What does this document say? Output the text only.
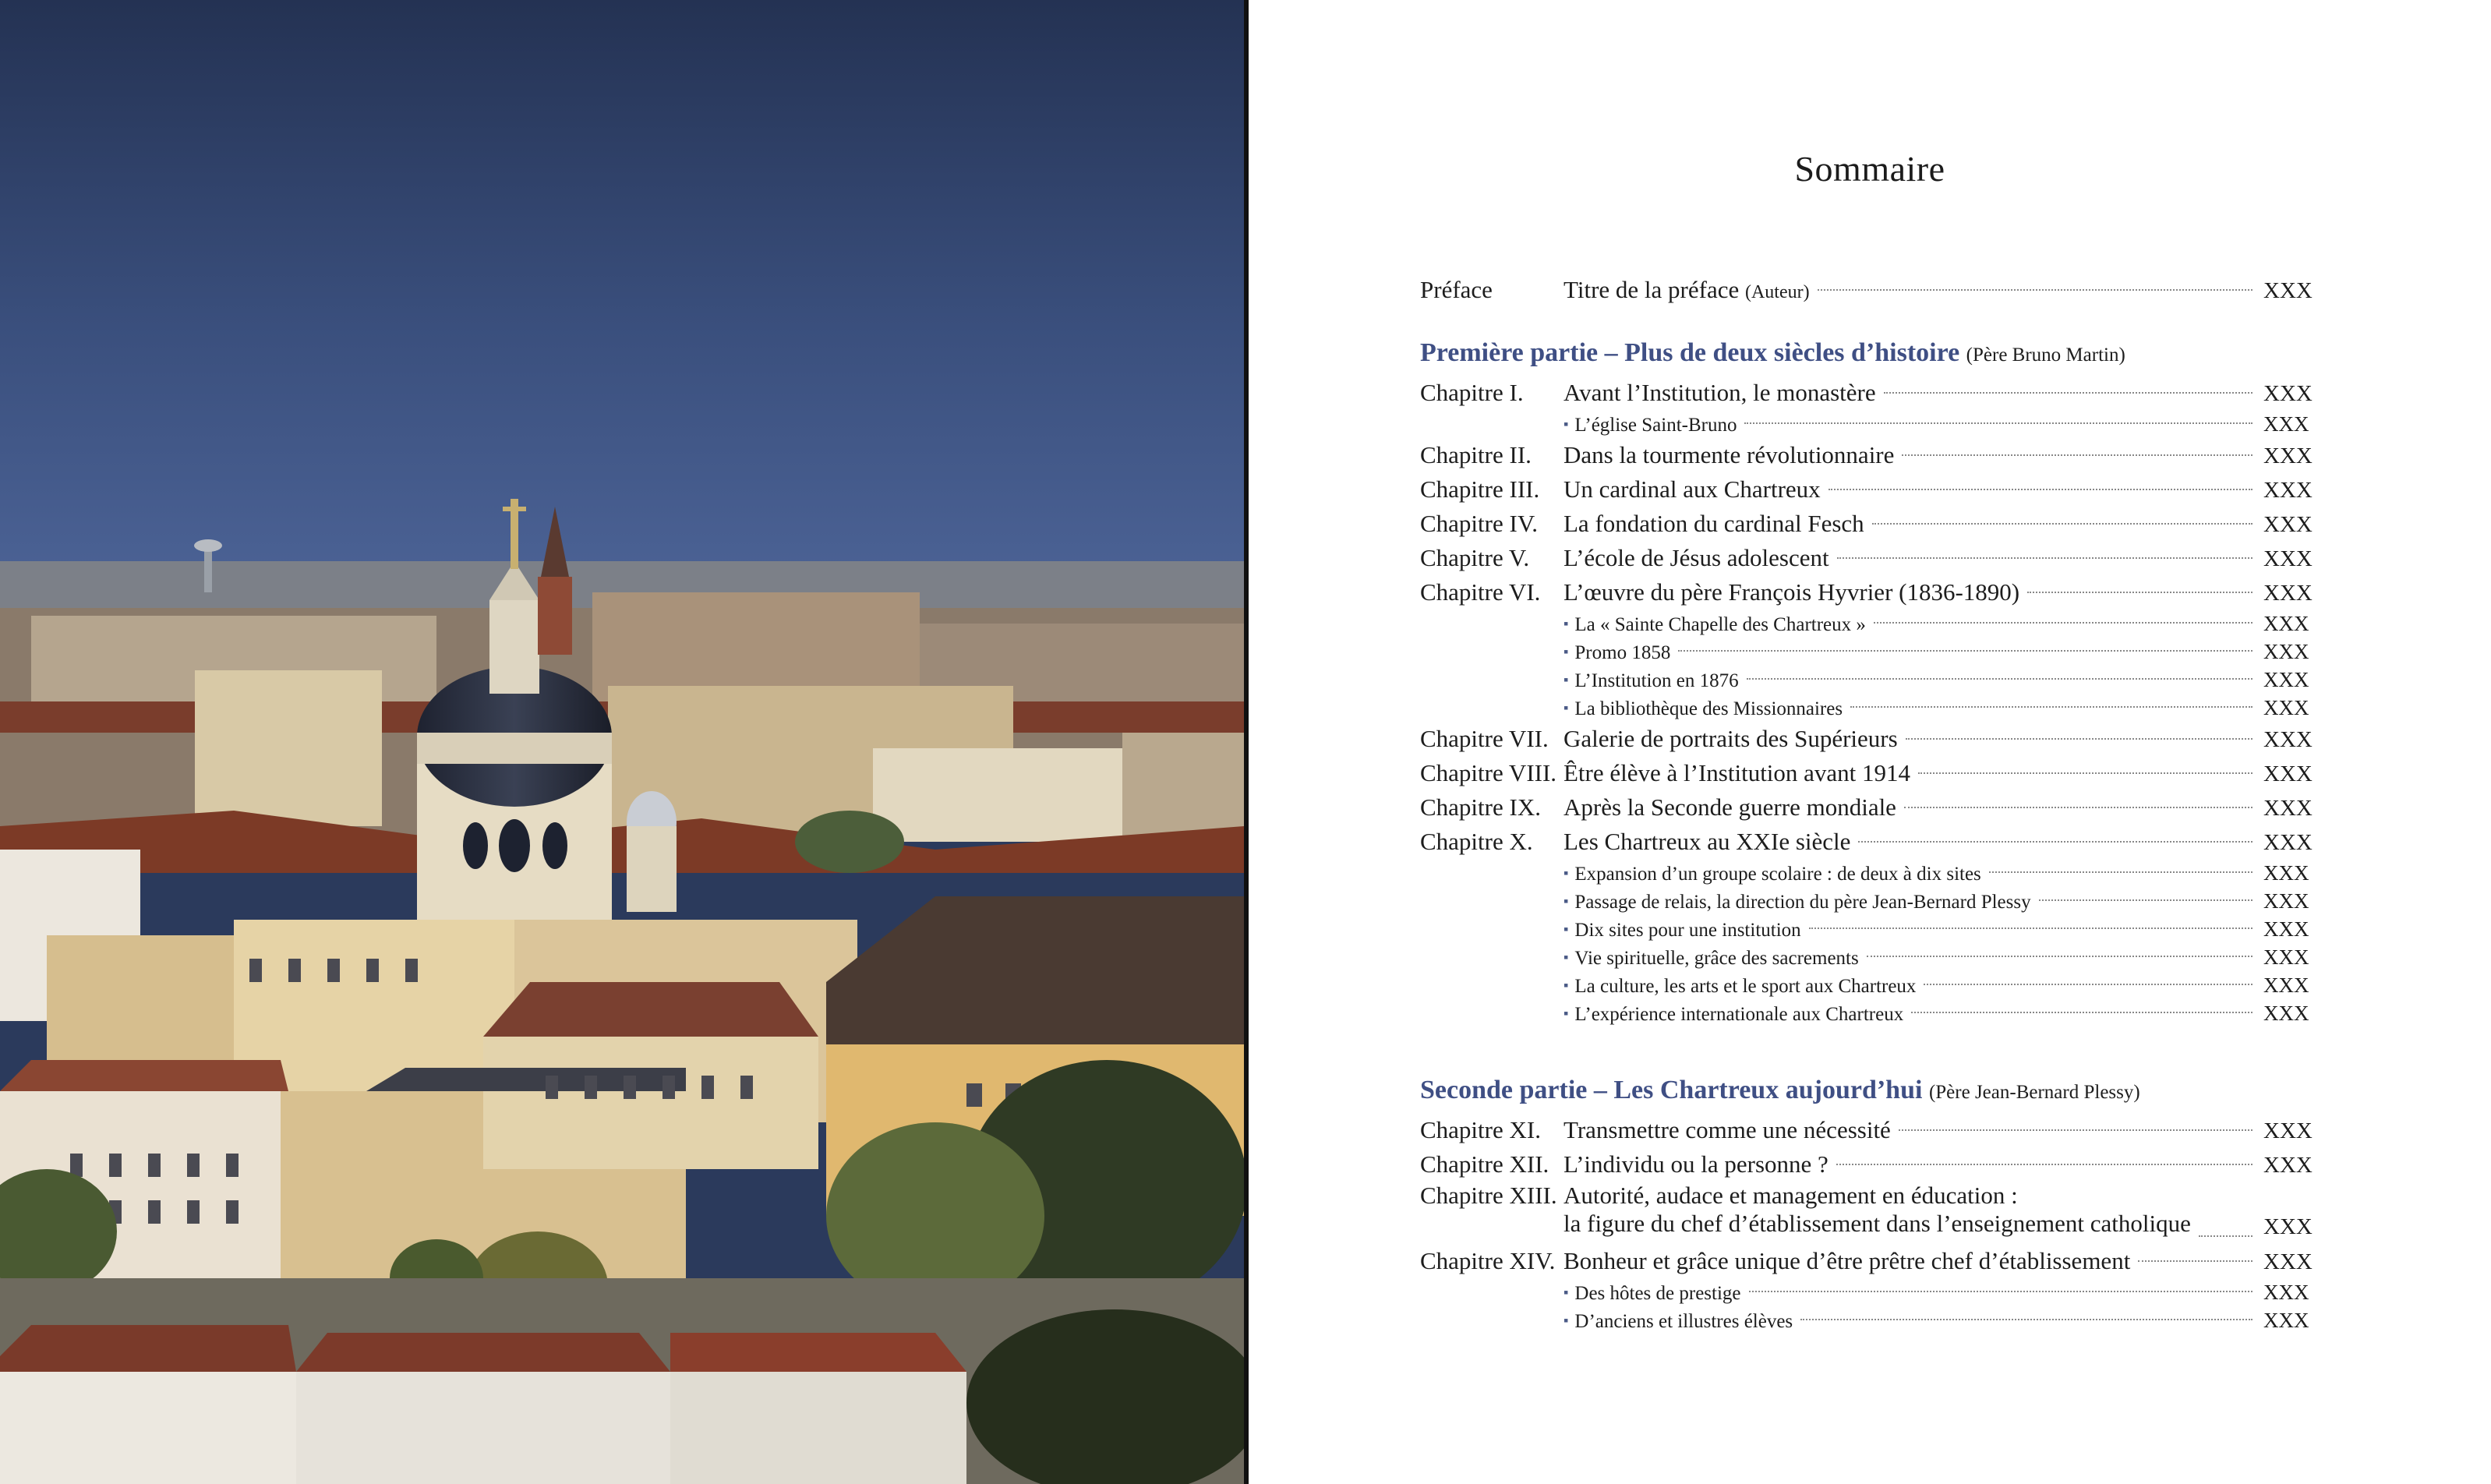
Sommaire
Préface	Titre de la préface (Auteur)	XXX
Première partie – Plus de deux siècles d’histoire (Père Bruno Martin)
Chapitre I.	Avant l’Institution, le monastère	XXX
▪ L’église Saint-Bruno	XXX
Chapitre II.	Dans la tourmente révolutionnaire	XXX
Chapitre III. Un cardinal aux Chartreux	XXX
Chapitre IV.	La fondation du cardinal Fesch	XXX
Chapitre V.	L’école de Jésus adolescent	XXX
Chapitre VI. L’œuvre du père François Hyvrier (1836-1890)	XXX
▪ La « Sainte Chapelle des Chartreux »	XXX
▪ Promo 1858	XXX
▪ L’Institution en 1876	XXX
▪ La bibliothèque des Missionnaires	XXX
Chapitre VII. Galerie de portraits des Supérieurs	XXX
Chapitre VIII. Être élève à l’Institution avant 1914	XXX
Chapitre IX. Après la Seconde guerre mondiale	XXX
Chapitre X.	Les Chartreux au XXIe siècle	XXX
▪ Expansion d’un groupe scolaire : de deux à dix sites	XXX
▪ Passage de relais, la direction du père Jean-Bernard Plessy	XXX
▪ Dix sites pour une institution	XXX
▪ Vie spirituelle, grâce des sacrements	XXX
▪ La culture, les arts et le sport aux Chartreux	XXX
▪ L’expérience internationale aux Chartreux	XXX
Seconde partie – Les Chartreux aujourd’hui (Père Jean-Bernard Plessy)
Chapitre XI. Transmettre comme une nécessité	XXX
Chapitre XII. L’individu ou la personne ?	XXX
Chapitre XIII. Autorité, audace et management en éducation :
la figure du chef d’établissement dans l’enseignement catholique	XXX
Chapitre XIV. Bonheur et grâce unique d’être prêtre chef d’établissement	XXX
▪ Des hôtes de prestige	XXX
▪ D’anciens et illustres élèves	XXX
